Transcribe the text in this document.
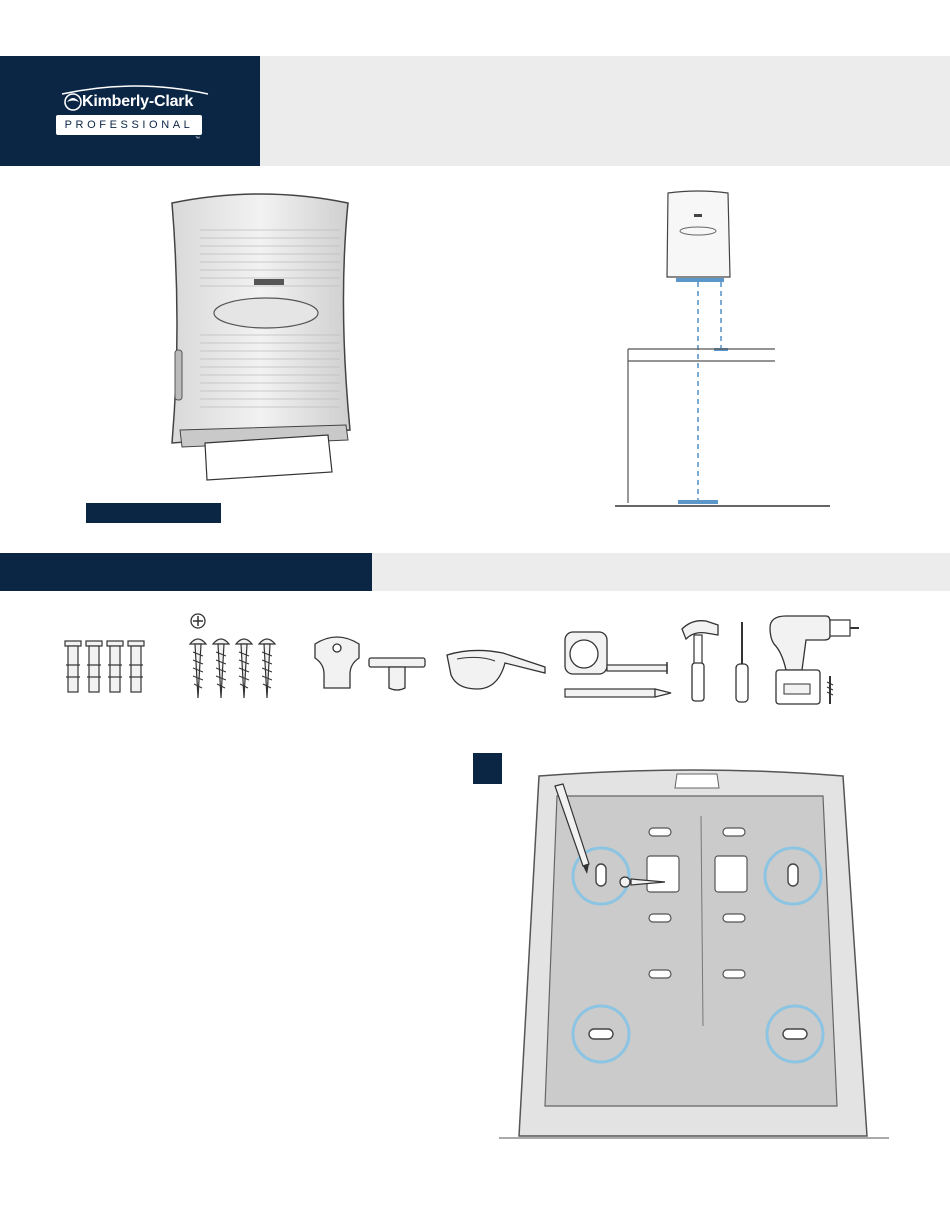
Kimberly-Clark
PROFESSIONAL
™
